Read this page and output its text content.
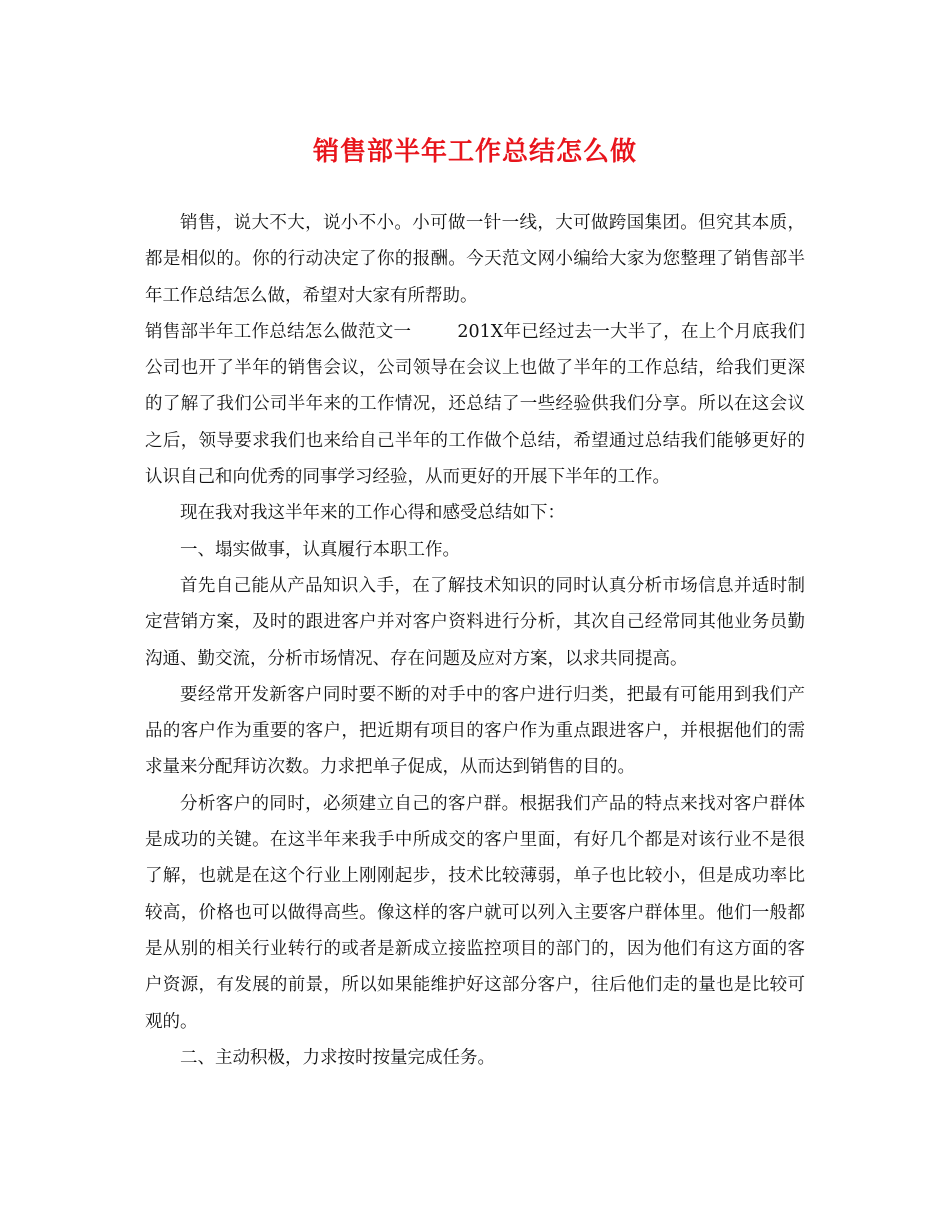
销售部半年工作总结怎么做

销售，说大不大，说小不小。小可做一针一线，大可做跨国集团。但究其本质，都是相似的。你的行动决定了你的报酬。今天范文网小编给大家为您整理了销售部半年工作总结怎么做，希望对大家有所帮助。

销售部半年工作总结怎么做范文一	201X年已经过去一大半了，在上个月底我们公司也开了半年的销售会议，公司领导在会议上也做了半年的工作总结，给我们更深的了解了我们公司半年来的工作情况，还总结了一些经验供我们分享。所以在这会议之后，领导要求我们也来给自己半年的工作做个总结，希望通过总结我们能够更好的认识自己和向优秀的同事学习经验，从而更好的开展下半年的工作。

现在我对我这半年来的工作心得和感受总结如下：

一、塌实做事，认真履行本职工作。

首先自己能从产品知识入手，在了解技术知识的同时认真分析市场信息并适时制定营销方案，及时的跟进客户并对客户资料进行分析，其次自己经常同其他业务员勤沟通、勤交流，分析市场情况、存在问题及应对方案，以求共同提高。

要经常开发新客户同时要不断的对手中的客户进行归类，把最有可能用到我们产品的客户作为重要的客户，把近期有项目的客户作为重点跟进客户，并根据他们的需求量来分配拜访次数。力求把单子促成，从而达到销售的目的。

分析客户的同时，必须建立自己的客户群。根据我们产品的特点来找对客户群体是成功的关键。在这半年来我手中所成交的客户里面，有好几个都是对该行业不是很了解，也就是在这个行业上刚刚起步，技术比较薄弱，单子也比较小，但是成功率比较高，价格也可以做得高些。像这样的客户就可以列入主要客户群体里。他们一般都是从别的相关行业转行的或者是新成立接监控项目的部门的，因为他们有这方面的客户资源，有发展的前景，所以如果能维护好这部分客户，往后他们走的量也是比较可观的。

二、主动积极，力求按时按量完成任务。
